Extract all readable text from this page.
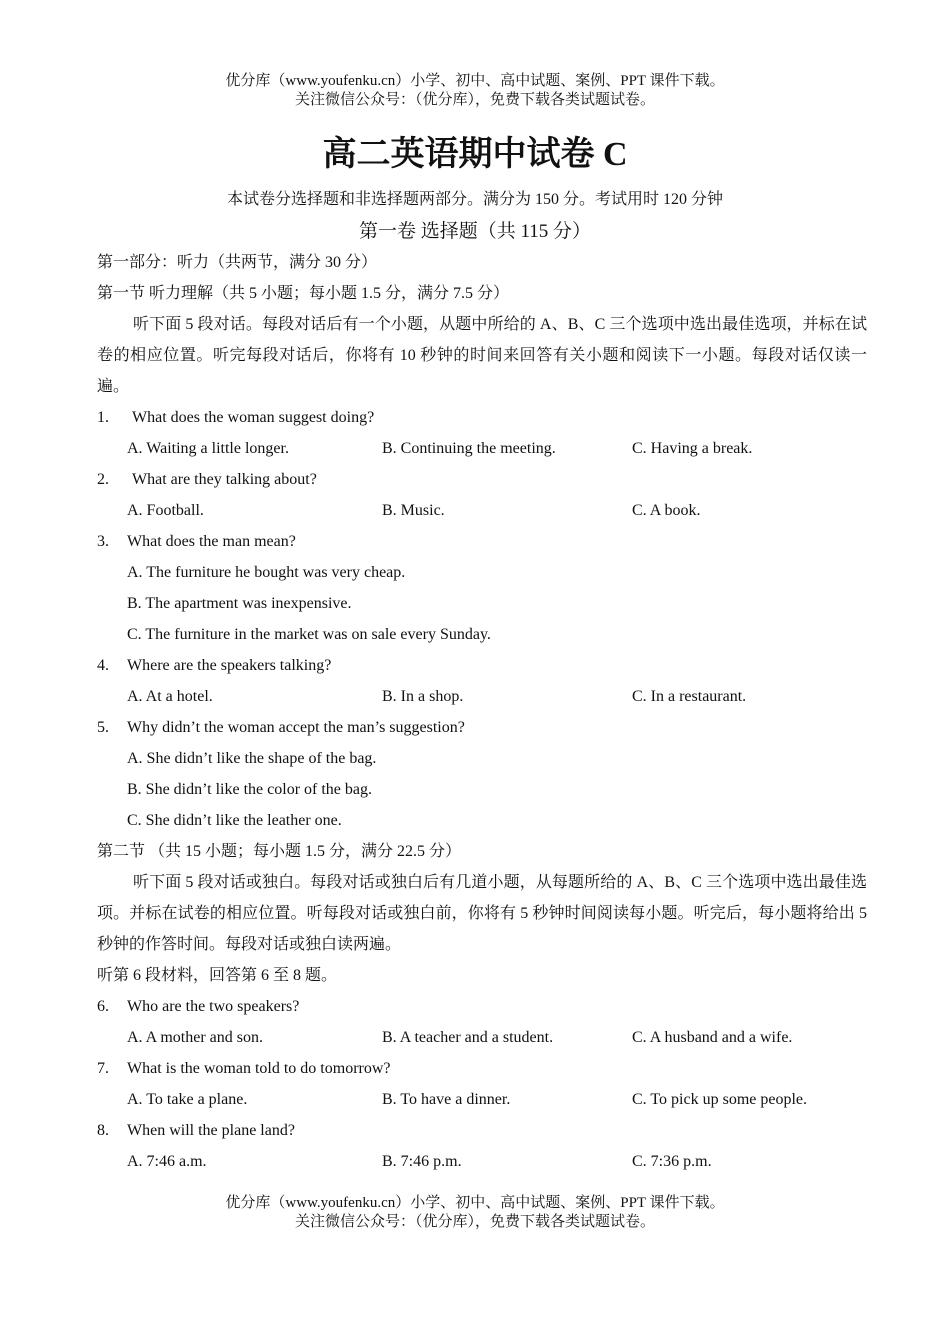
优分库（www.youfenku.cn）小学、初中、高中试题、案例、PPT 课件下载。
关注微信公众号：（优分库），免费下载各类试题试卷。
高二英语期中试卷 C
本试卷分选择题和非选择题两部分。满分为 150 分。考试用时 120 分钟
第一卷 选择题（共 115 分）
第一部分：听力（共两节，满分 30 分）
第一节 听力理解（共 5 小题；每小题 1.5 分，满分 7.5 分）
听下面 5 段对话。每段对话后有一个小题，从题中所给的 A、B、C 三个选项中选出最佳选项，并标在试卷的相应位置。听完每段对话后，你将有 10 秒钟的时间来回答有关小题和阅读下一小题。每段对话仅读一遍。
1.	What does the woman suggest doing?
A. Waiting a little longer.	B. Continuing the meeting.	C. Having a break.
2.	What are they talking about?
A. Football.	B. Music.	C. A book.
3.	What does the man mean?
A. The furniture he bought was very cheap.
B. The apartment was inexpensive.
C. The furniture in the market was on sale every Sunday.
4.	Where are the speakers talking?
A. At a hotel.	B. In a shop.	C. In a restaurant.
5.	Why didn’t the woman accept the man’s suggestion?
A. She didn’t like the shape of the bag.
B. She didn’t like the color of the bag.
C. She didn’t like the leather one.
第二节 （共 15 小题；每小题 1.5 分，满分 22.5 分）
听下面 5 段对话或独白。每段对话或独白后有几道小题，从每题所给的 A、B、C 三个选项中选出最佳选项。并标在试卷的相应位置。听每段对话或独白前，你将有 5 秒钟时间阅读每小题。听完后，每小题将给出 5 秒钟的作答时间。每段对话或独白读两遍。
听第 6 段材料，回答第 6 至 8 题。
6.	Who are the two speakers?
A. A mother and son.	B. A teacher and a student.	C. A husband and a wife.
7.	What is the woman told to do tomorrow?
A. To take a plane.	B. To have a dinner.	C. To pick up some people.
8.	When will the plane land?
A. 7:46 a.m.	B. 7:46 p.m.	C. 7:36 p.m.
优分库（www.youfenku.cn）小学、初中、高中试题、案例、PPT 课件下载。
关注微信公众号：（优分库），免费下载各类试题试卷。
